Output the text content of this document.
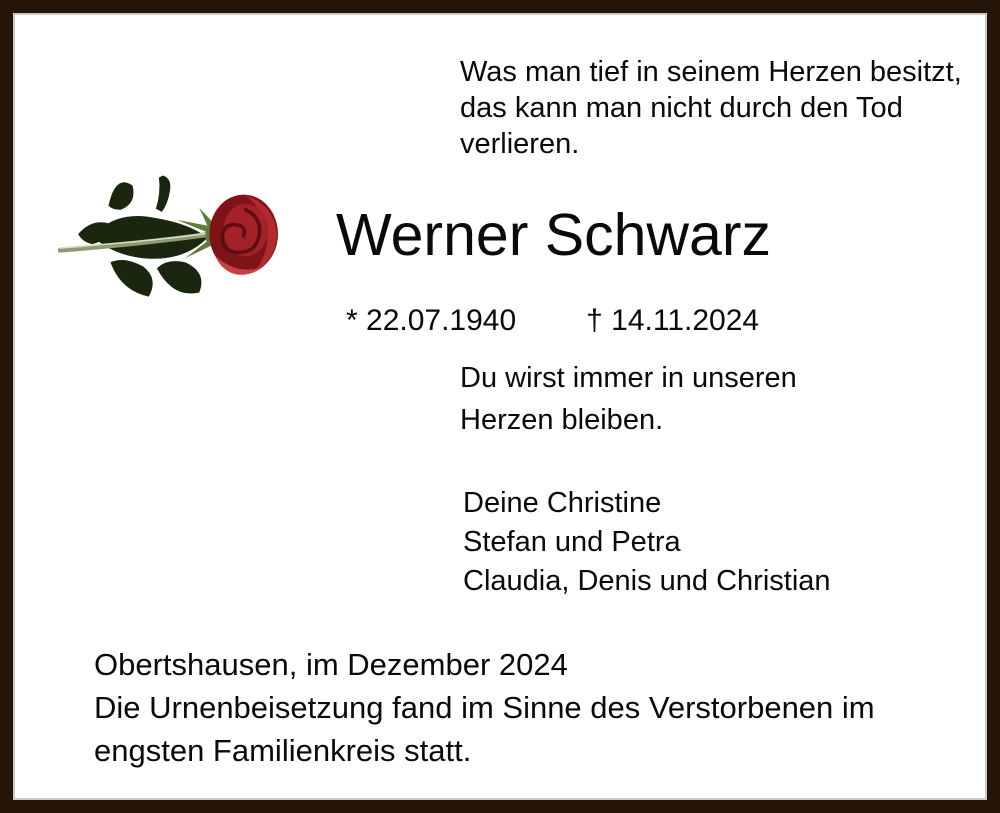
Was man tief in seinem Herzen besitzt,
das kann man nicht durch den Tod
verlieren.
Werner Schwarz
* 22.07.1940 † 14.11.2024
Du wirst immer in unseren
Herzen bleiben.
Deine Christine
Stefan und Petra
Claudia, Denis und Christian
Obertshausen, im Dezember 2024
Die Urnenbeisetzung fand im Sinne des Verstorbenen im
engsten Familienkreis statt.
